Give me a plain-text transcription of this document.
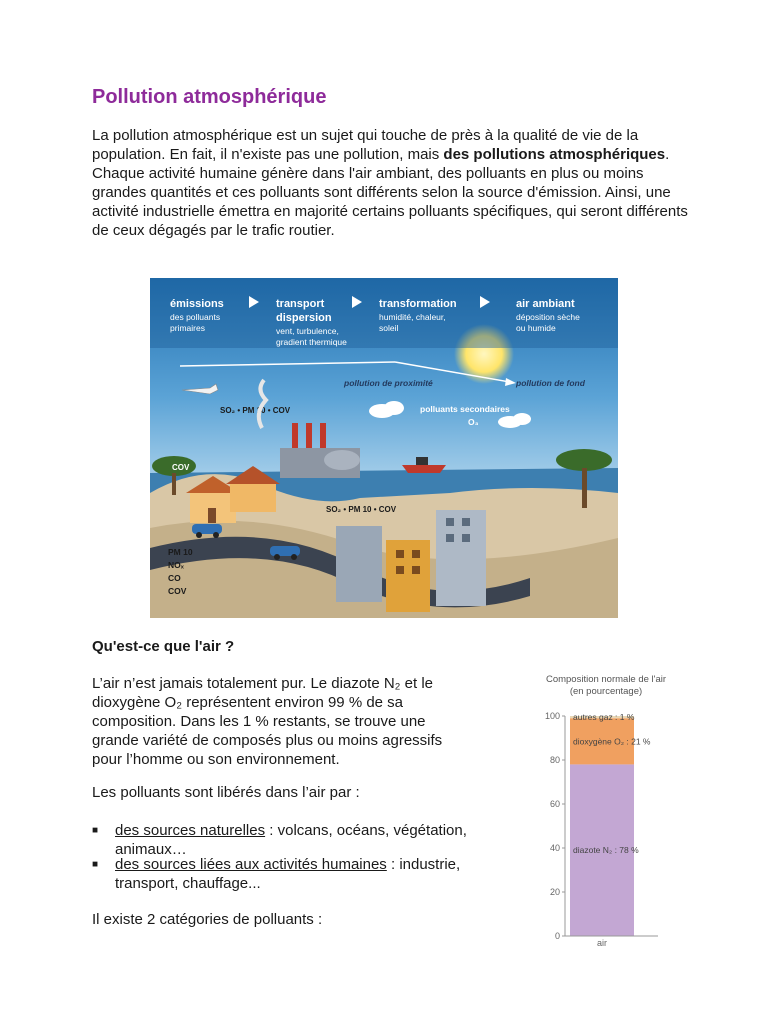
Pollution atmosphérique

La pollution atmosphérique est un sujet qui touche de près à la qualité de vie de la population. En fait, il n'existe pas une pollution, mais des pollutions atmosphériques. Chaque activité humaine génère dans l'air ambiant, des polluants en plus ou moins grandes quantités et ces polluants sont différents selon la source d'émission. Ainsi, une activité industrielle émettra en majorité certains polluants spécifiques, qui seront différents de ceux dégagés par le trafic routier.

émissions
des polluants
primaires
transport
dispersion
vent, turbulence,
gradient thermique
transformation
humidité, chaleur,
soleil
air ambiant
déposition sèche
ou humide
pollution de proximité	pollution de fond
SO₂ • PM 10 • COV	polluants secondaires
O₃
COV
SO₂ • PM 10 • COV
PM 10
NOₓ
CO
COV
Qu'est-ce que l'air ?
L’air n’est jamais totalement pur. Le diazote N₂ et le
dioxygène O₂ représentent environ 99 % de sa
composition. Dans les 1 % restants, se trouve une
grande variété de composés plus ou moins agressifs
pour l’homme ou son environnement.

Les polluants sont libérés dans l’air par :

■ des sources naturelles : volcans, océans, végétation,
animaux…
■ des sources liées aux activités humaines : industrie,
transport, chauffage...

Il existe 2 catégories de polluants :

Composition normale de l'air
(en pourcentage)
diazote N₂ : 78 %
dioxygène O₂ : 21 %
autres gaz : 1 %
0
20
40
60
80
100
air
